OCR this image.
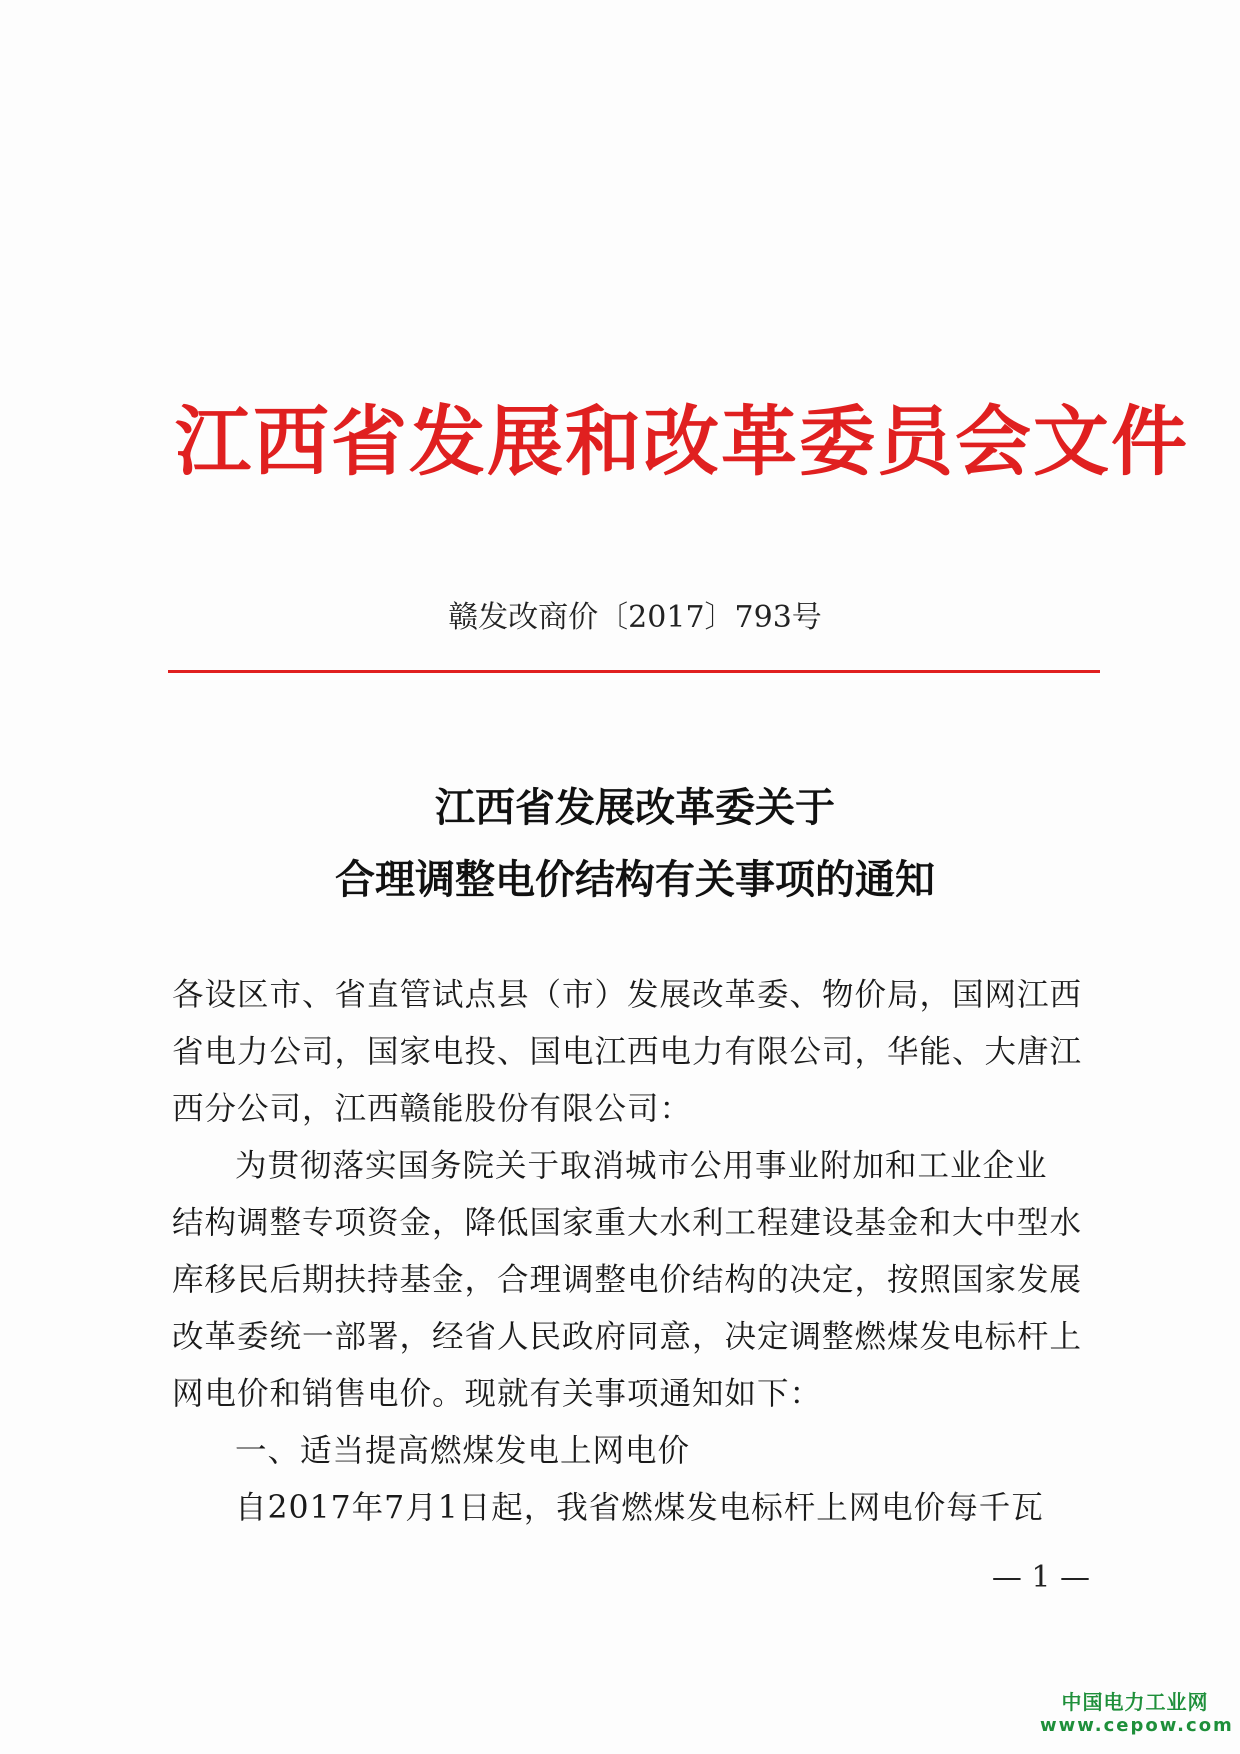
江西省发展和改革委员会文件
赣发改商价〔2017〕793号
江西省发展改革委关于
合理调整电价结构有关事项的通知
各设区市、省直管试点县（市）发展改革委、物价局，国网江西
省电力公司，国家电投、国电江西电力有限公司，华能、大唐江
西分公司，江西赣能股份有限公司：
为贯彻落实国务院关于取消城市公用事业附加和工业企业
结构调整专项资金，降低国家重大水利工程建设基金和大中型水
库移民后期扶持基金，合理调整电价结构的决定，按照国家发展
改革委统一部署，经省人民政府同意，决定调整燃煤发电标杆上
网电价和销售电价。现就有关事项通知如下：
一、适当提高燃煤发电上网电价
自2017年7月1日起，我省燃煤发电标杆上网电价每千瓦
— 1 —
中国电力工业网
www.cepow.com
